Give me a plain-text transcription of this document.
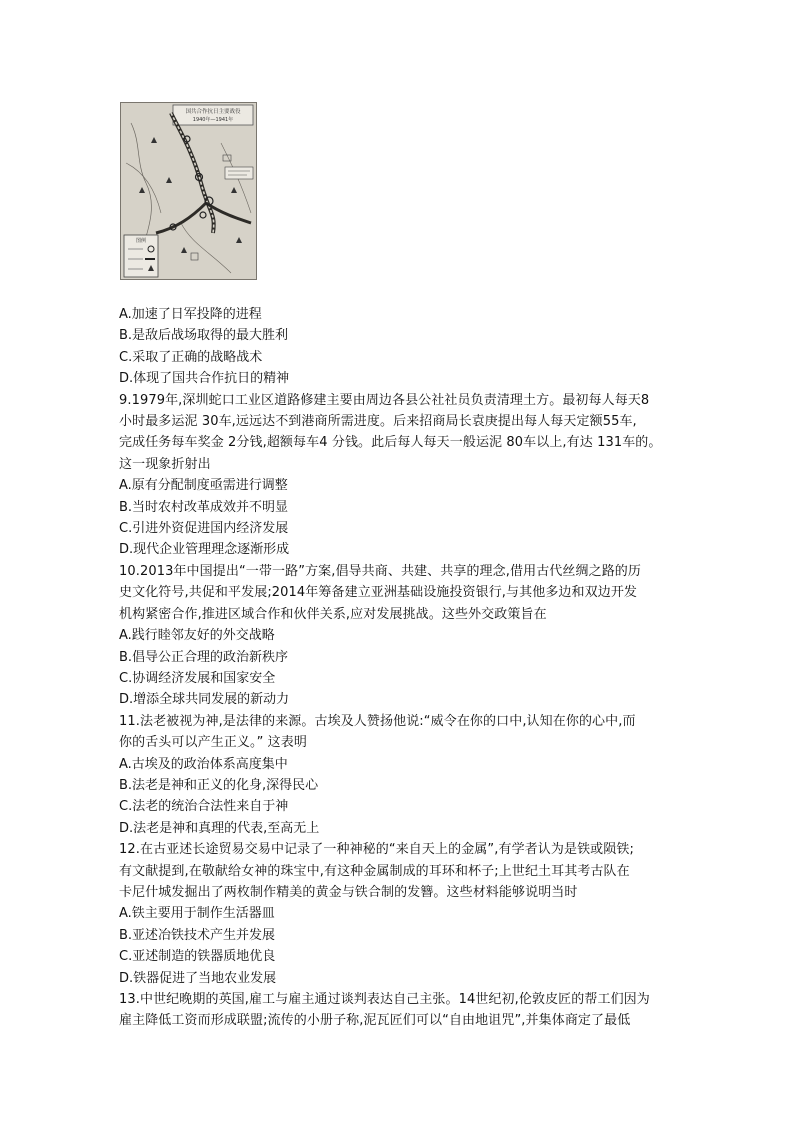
国共合作抗日主要战役
1940年—1941年
图例

A.加速了日军投降的进程

B.是敌后战场取得的最大胜利

C.采取了正确的战略战术

D.体现了国共合作抗日的精神

9.1979年,深圳蛇口工业区道路修建主要由周边各县公社社员负责清理土方。最初每人每天8

小时最多运泥 30车,远远达不到港商所需进度。后来招商局长袁庚提出每人每天定额55车,

完成任务每车奖金 2分钱,超额每车4 分钱。此后每人每天一般运泥 80车以上,有达 131车的。

这一现象折射出

A.原有分配制度亟需进行调整

B.当时农村改革成效并不明显

C.引进外资促进国内经济发展

D.现代企业管理理念逐渐形成

10.2013年中国提出“一带一路”方案,倡导共商、共建、共享的理念,借用古代丝绸之路的历

史文化符号,共促和平发展;2014年筹备建立亚洲基础设施投资银行,与其他多边和双边开发

机构紧密合作,推进区域合作和伙伴关系,应对发展挑战。这些外交政策旨在

A.践行睦邻友好的外交战略

B.倡导公正合理的政治新秩序

C.协调经济发展和国家安全

D.增添全球共同发展的新动力

11.法老被视为神,是法律的来源。古埃及人赞扬他说:“威令在你的口中,认知在你的心中,而

你的舌头可以产生正义。” 这表明

A.古埃及的政治体系高度集中

B.法老是神和正义的化身,深得民心

C.法老的统治合法性来自于神

D.法老是神和真理的代表,至高无上

12.在古亚述长途贸易交易中记录了一种神秘的“来自天上的金属”,有学者认为是铁或陨铁;

有文献提到,在敬献给女神的珠宝中,有这种金属制成的耳环和杯子;上世纪土耳其考古队在

卡尼什城发掘出了两枚制作精美的黄金与铁合制的发簪。这些材料能够说明当时

A.铁主要用于制作生活器皿

B.亚述冶铁技术产生并发展

C.亚述制造的铁器质地优良

D.铁器促进了当地农业发展

13.中世纪晚期的英国,雇工与雇主通过谈判表达自己主张。14世纪初,伦敦皮匠的帮工们因为

雇主降低工资而形成联盟;流传的小册子称,泥瓦匠们可以“自由地诅咒”,并集体商定了最低
